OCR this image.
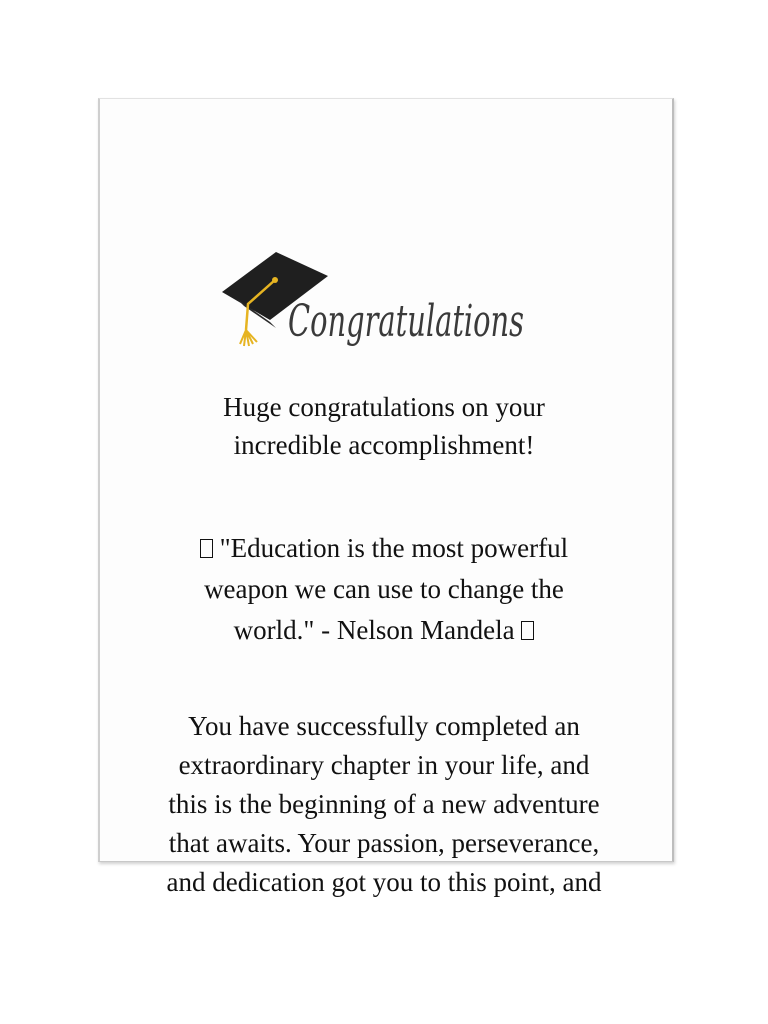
Congratulations

Huge congratulations on your
incredible accomplishment!

"Education is the most powerful
weapon we can use to change the
world." - Nelson Mandela

You have successfully completed an
extraordinary chapter in your life, and
this is the beginning of a new adventure
that awaits. Your passion, perseverance,
and dedication got you to this point, and
